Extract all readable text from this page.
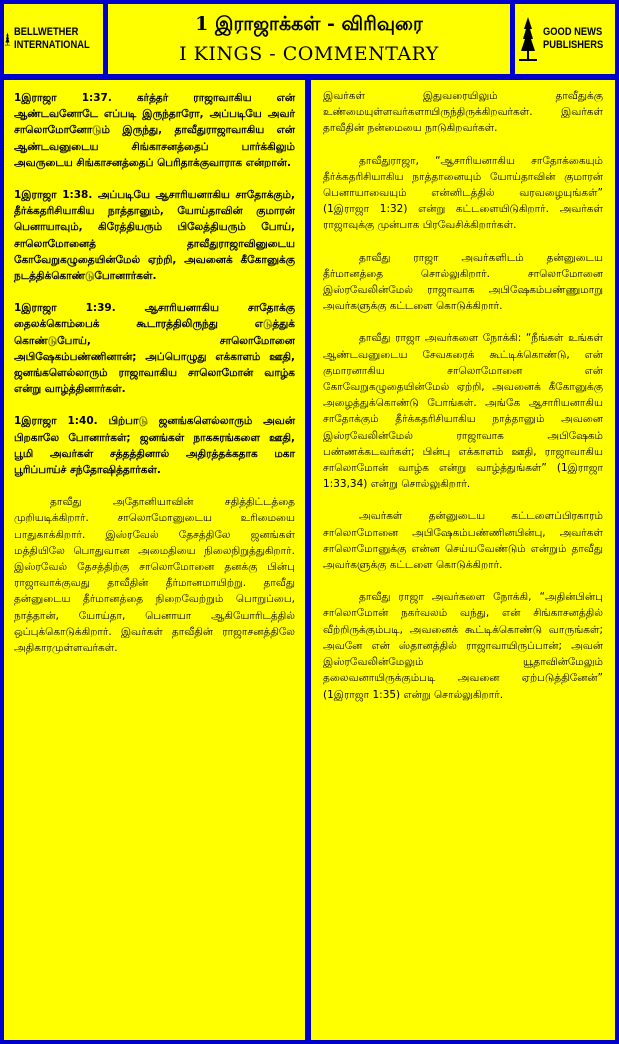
BELLWETHER
INTERNATIONAL
1 இராஜாக்கள் - விரிவுரை
I KINGS - COMMENTARY
GOOD NEWS
PUBLISHERS

1இராஜா 1:37. கர்த்தர் ராஜாவாகிய என் ஆண்டவனோடே எப்படி இருந்தாரோ, அப்படியே அவர் சாலொமோனோடும் இருந்து, தாவீதுராஜாவாகிய என் ஆண்டவனுடைய சிங்காசனத்தைப் பார்க்கிலும் அவருடைய சிங்காசனத்தைப் பெரிதாக்குவாராக என்றான்.

1இராஜா 1:38. அப்படியே ஆசாரியனாகிய சாதோக்கும், தீர்க்கதரிசியாகிய நாத்தானும், யோய்தாவின் குமாரன் பெனாயாவும், கிரேத்தியரும் பிலேத்தியரும் போய், சாலொமோனைத் தாவீதுராஜாவினுடைய கோவேறுகழுதையின்மேல் ஏற்றி, அவனைக் கீகோனுக்கு நடத்திக்கொண்டுபோனார்கள்.

1இராஜா 1:39. ஆசாரியனாகிய சாதோக்கு தைலக்கொம்பைக் கூடாரத்திலிருந்து எடுத்துக் கொண்டுபோய், சாலொமோனை அபிஷேகம்பண்ணினான்; அப்பொழுது எக்காளம் ஊதி, ஜனங்களெல்லாரும் ராஜாவாகிய சாலொமோன் வாழ்க என்று வாழ்த்தினார்கள்.

1இராஜா 1:40. பிற்பாடு ஜனங்களெல்லாரும் அவன் பிறகாலே போனார்கள்; ஜனங்கள் நாகசுரங்களை ஊதி, பூமி அவர்கள் சத்தத்தினால் அதிரத்தக்கதாக மகா பூரிப்பாய்ச் சந்தோஷித்தார்கள்.

தாவீது அதோனியாவின் சதித்திட்டத்தை முறியடிக்கிறார். சாலொமோனுடைய உரிமையை பாதுகாக்கிறார். இஸ்ரவேல் தேசத்திலே ஜனங்கள் மத்தியிலே பொதுவான அமைதியை நிலைநிறுத்துகிறார். இஸ்ரவேல் தேசத்திற்கு சாலொமோனை தனக்கு பின்பு ராஜாவாக்குவது தாவீதின் தீர்மானமாயிற்று. தாவீது தன்னுடைய தீர்மானத்தை நிறைவேற்றும் பொறுப்பை, நாத்தான், யோய்தா, பெனாயா ஆகியோரிடத்தில் ஒப்புக்கொடுக்கிறார். இவர்கள் தாவீதின் ராஜாசனத்திலே அதிகாரமுள்ளவர்கள்.

இவர்கள் இதுவரையிலும் தாவீதுக்கு உண்மையுள்ளவர்களாயிருந்திருக்கிறவர்கள். இவர்கள் தாவீதின் நன்மையை நாடுகிறவர்கள்.

தாவீதுராஜா, “ஆசாரியனாகிய சாதோக்கையும் தீர்க்கதரிசியாகிய நாத்தானையும் யோய்தாவின் குமாரன் பெனாயாவையும் என்னிடத்தில் வரவழையுங்கள்” (1இராஜா 1:32) என்று கட்டளையிடுகிறார். அவர்கள் ராஜாவுக்கு முன்பாக பிரவேசிக்கிறார்கள்.

தாவீது ராஜா அவர்களிடம் தன்னுடைய தீர்மானத்தை சொல்லுகிறார். சாலொமோனை இஸ்ரவேலின்மேல் ராஜாவாக அபிஷேகம்பண்ணுமாறு அவர்களுக்கு கட்டளை கொடுக்கிறார்.

தாவீது ராஜா அவர்களை நோக்கி: “நீங்கள் உங்கள் ஆண்டவனுடைய சேவகரைக் கூட்டிக்கொண்டு, என் குமாரனாகிய சாலொமோனை என் கோவேறுகழுதையின்மேல் ஏற்றி, அவனைக் கீகோனுக்கு அழைத்துக்கொண்டு போங்கள். அங்கே ஆசாரியனாகிய சாதோக்கும் தீர்க்கதரிசியாகிய நாத்தானும் அவனை இஸ்ரவேலின்மேல் ராஜாவாக அபிஷேகம் பண்ணக்கடவர்கள்; பின்பு எக்காளம் ஊதி, ராஜாவாகிய சாலொமோன் வாழ்க என்று வாழ்த்துங்கள்” (1இராஜா 1:33,34) என்று சொல்லுகிறார்.

அவர்கள் தன்னுடைய கட்டளைப்பிரகாரம் சாலொமோனை அபிஷேகம்பண்ணினபின்பு, அவர்கள் சாலொமோனுக்கு என்ன செய்யவேண்டும் என்றும் தாவீது அவர்களுக்கு கட்டளை கொடுக்கிறார்.

தாவீது ராஜா அவர்களை நோக்கி, “அதின்பின்பு சாலொமோன் நகர்வலம் வந்து, என் சிங்காசனத்தில் வீற்றிருக்கும்படி, அவனைக் கூட்டிக்கொண்டு வாருங்கள்; அவனே என் ஸ்தானத்தில் ராஜாவாயிருப்பான்; அவன் இஸ்ரவேலின்மேலும் யூதாவின்மேலும் தலைவனாயிருக்கும்படி அவனை ஏற்படுத்தினேன்” (1இராஜா 1:35) என்று சொல்லுகிறார்.
